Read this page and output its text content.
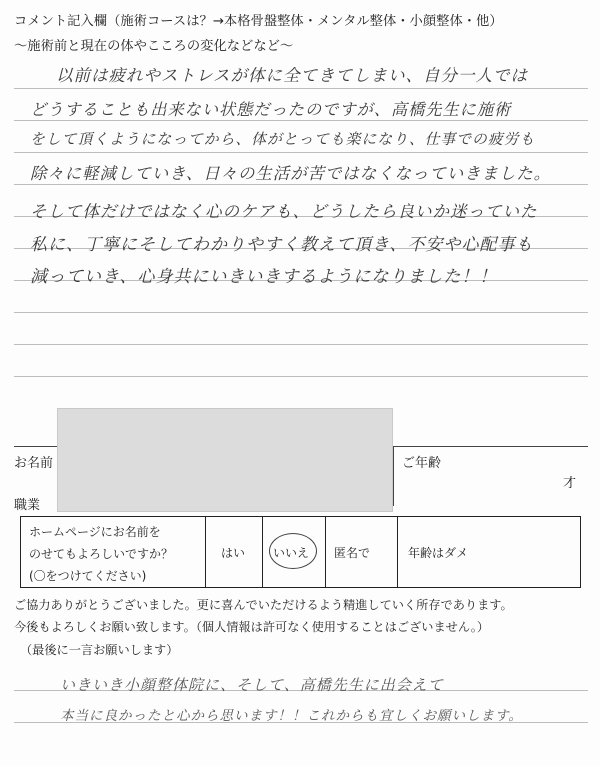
コメント記入欄（施術コースは？→本格骨盤整体・メンタル整体・小顔整体・他）
〜施術前と現在の体やこころの変化などなど〜
以前は疲れやストレスが体に全てきてしまい、自分一人では
どうすることも出来ない状態だったのですが、高橋先生に施術
をして頂くようになってから、体がとっても楽になり、仕事での疲労も
除々に軽減していき、日々の生活が苦ではなくなっていきました。
そして体だけではなく心のケアも、どうしたら良いか迷っていた
私に、丁寧にそしてわかりやすく教えて頂き、不安や心配事も
減っていき、心身共にいきいきするようになりました！！
お名前	ご年齢
才
職業
ホームページにお名前を
のせてもよろしいですか？
(〇をつけてください)
はい いいえ 匿名で	年齢はダメ
ご協力ありがとうございました。更に喜んでいただけるよう精進していく所存であります。
今後もよろしくお願い致します。（個人情報は許可なく使用することはございません。）
（最後に一言お願いします）
いきいき小顔整体院に、そして、高橋先生に出会えて
本当に良かったと心から思います！！これからも宜しくお願いします。
